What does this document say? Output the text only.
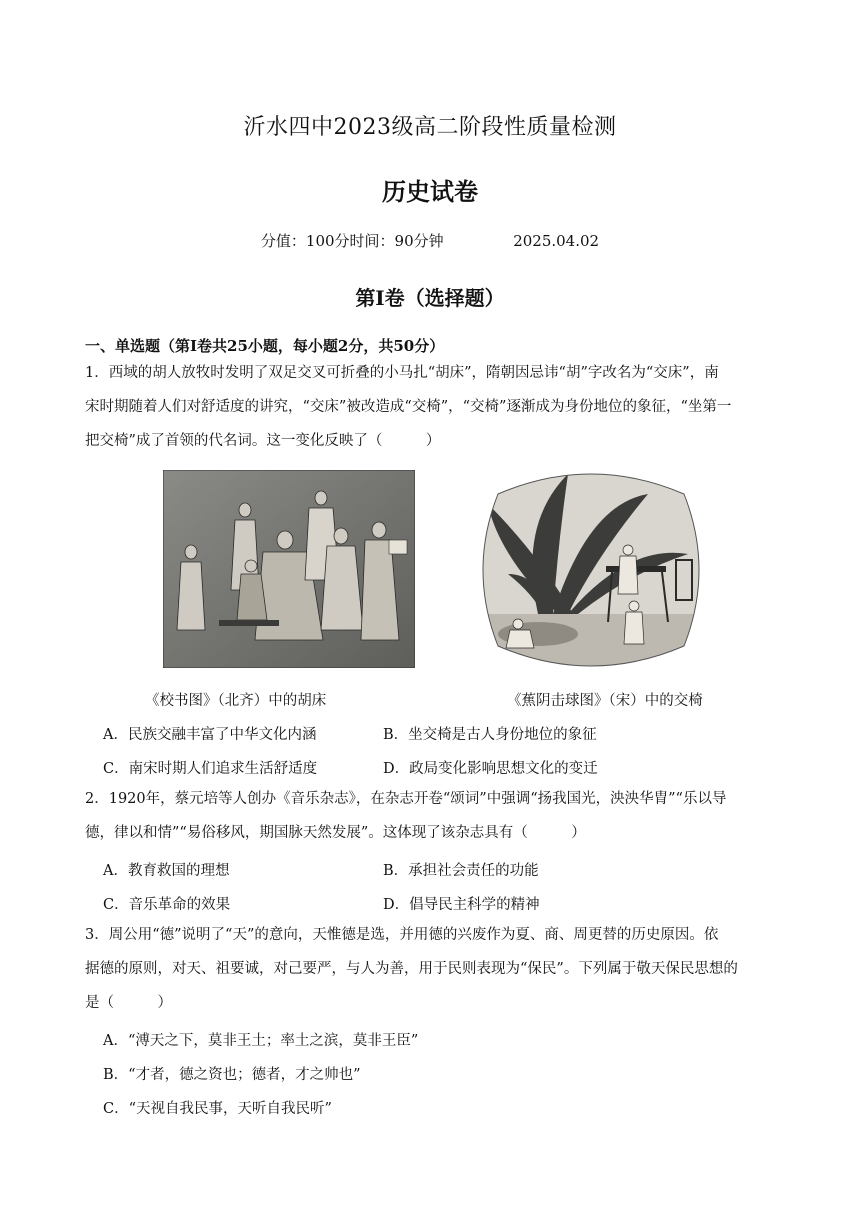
沂水四中2023级高二阶段性质量检测
历史试卷
分值：100分时间：90分钟	2025.04.02
第Ⅰ卷（选择题）
一、单选题（第Ⅰ卷共25小题，每小题2分，共50分）

1．西域的胡人放牧时发明了双足交叉可折叠的小马扎“胡床”，隋朝因忌讳“胡”字改名为“交床”，南

宋时期随着人们对舒适度的讲究，“交床”被改造成“交椅”，“交椅”逐渐成为身份地位的象征，“坐第一

把交椅”成了首领的代名词。这一变化反映了（　　　）

《校书图》（北齐）中的胡床	《蕉阴击球图》（宋）中的交椅
A．民族交融丰富了中华文化内涵	B．坐交椅是古人身份地位的象征
C．南宋时期人们追求生活舒适度	D．政局变化影响思想文化的变迁

2．1920年，蔡元培等人创办《音乐杂志》，在杂志开卷“颂词”中强调“扬我国光，泱泱华胄”“乐以导

德，律以和情”“易俗移风，期国脉天然发展”。这体现了该杂志具有（　　　）

A．教育救国的理想	B．承担社会责任的功能
C．音乐革命的效果	D．倡导民主科学的精神

3．周公用“德”说明了“天”的意向，天惟德是选，并用德的兴废作为夏、商、周更替的历史原因。依

据德的原则，对天、祖要诚，对己要严，与人为善，用于民则表现为“保民”。下列属于敬天保民思想的

是（　　　）

A．“溥天之下，莫非王土；率土之滨，莫非王臣”
B．“才者，德之资也；德者，才之帅也”
C．“天视自我民事，天听自我民听”
